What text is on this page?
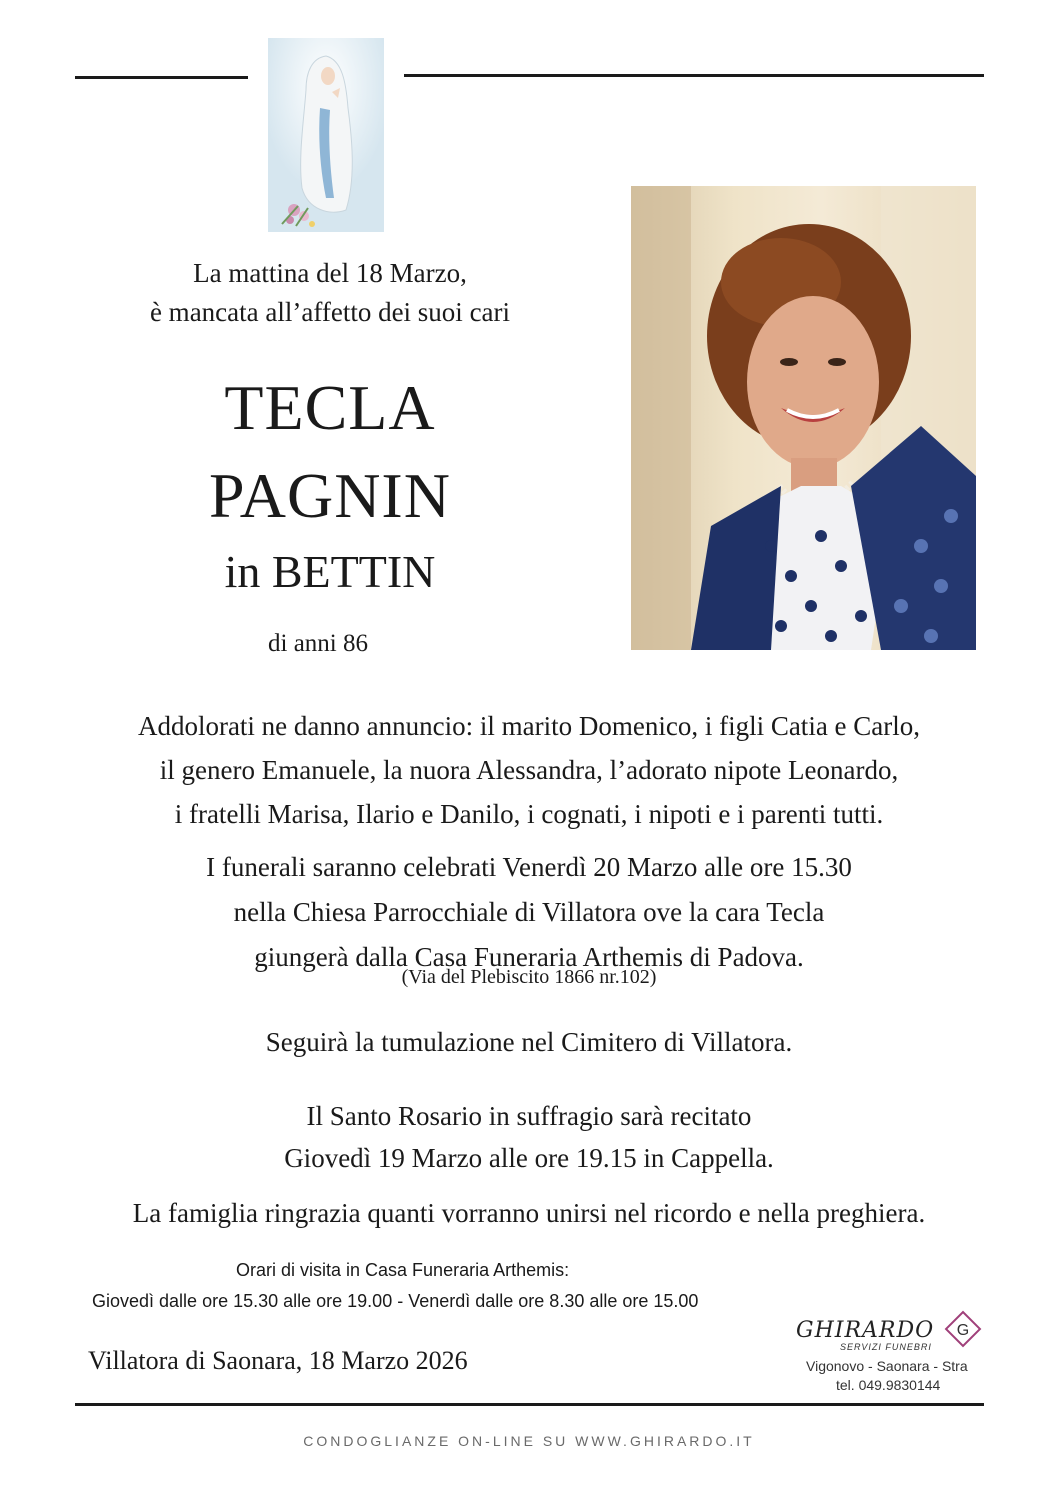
La mattina del 18 Marzo,
è mancata all’affetto dei suoi cari
TECLA
PAGNIN
in BETTIN
di anni 86
Addolorati ne danno annuncio: il marito Domenico, i figli Catia e Carlo,
il genero Emanuele, la nuora Alessandra, l’adorato nipote Leonardo,
i fratelli Marisa, Ilario e Danilo, i cognati, i nipoti e i parenti tutti.
I funerali saranno celebrati Venerdì 20 Marzo alle ore 15.30
nella Chiesa Parrocchiale di Villatora ove la cara Tecla
giungerà dalla Casa Funeraria Arthemis di Padova.
(Via del Plebiscito 1866 nr.102)
Seguirà la tumulazione nel Cimitero di Villatora.
Il Santo Rosario in suffragio sarà recitato
Giovedì 19 Marzo alle ore 19.15 in Cappella.
La famiglia ringrazia quanti vorranno unirsi nel ricordo e nella preghiera.
Orari di visita in Casa Funeraria Arthemis:
Giovedì dalle ore 15.30 alle ore 19.00 - Venerdì dalle ore 8.30 alle ore 15.00
Villatora di Saonara, 18 Marzo 2026
GHIRARDO
SERVIZI FUNEBRI
G
Vigonovo - Saonara - Stra
tel. 049.9830144
CONDOGLIANZE ON-LINE SU WWW.GHIRARDO.IT
